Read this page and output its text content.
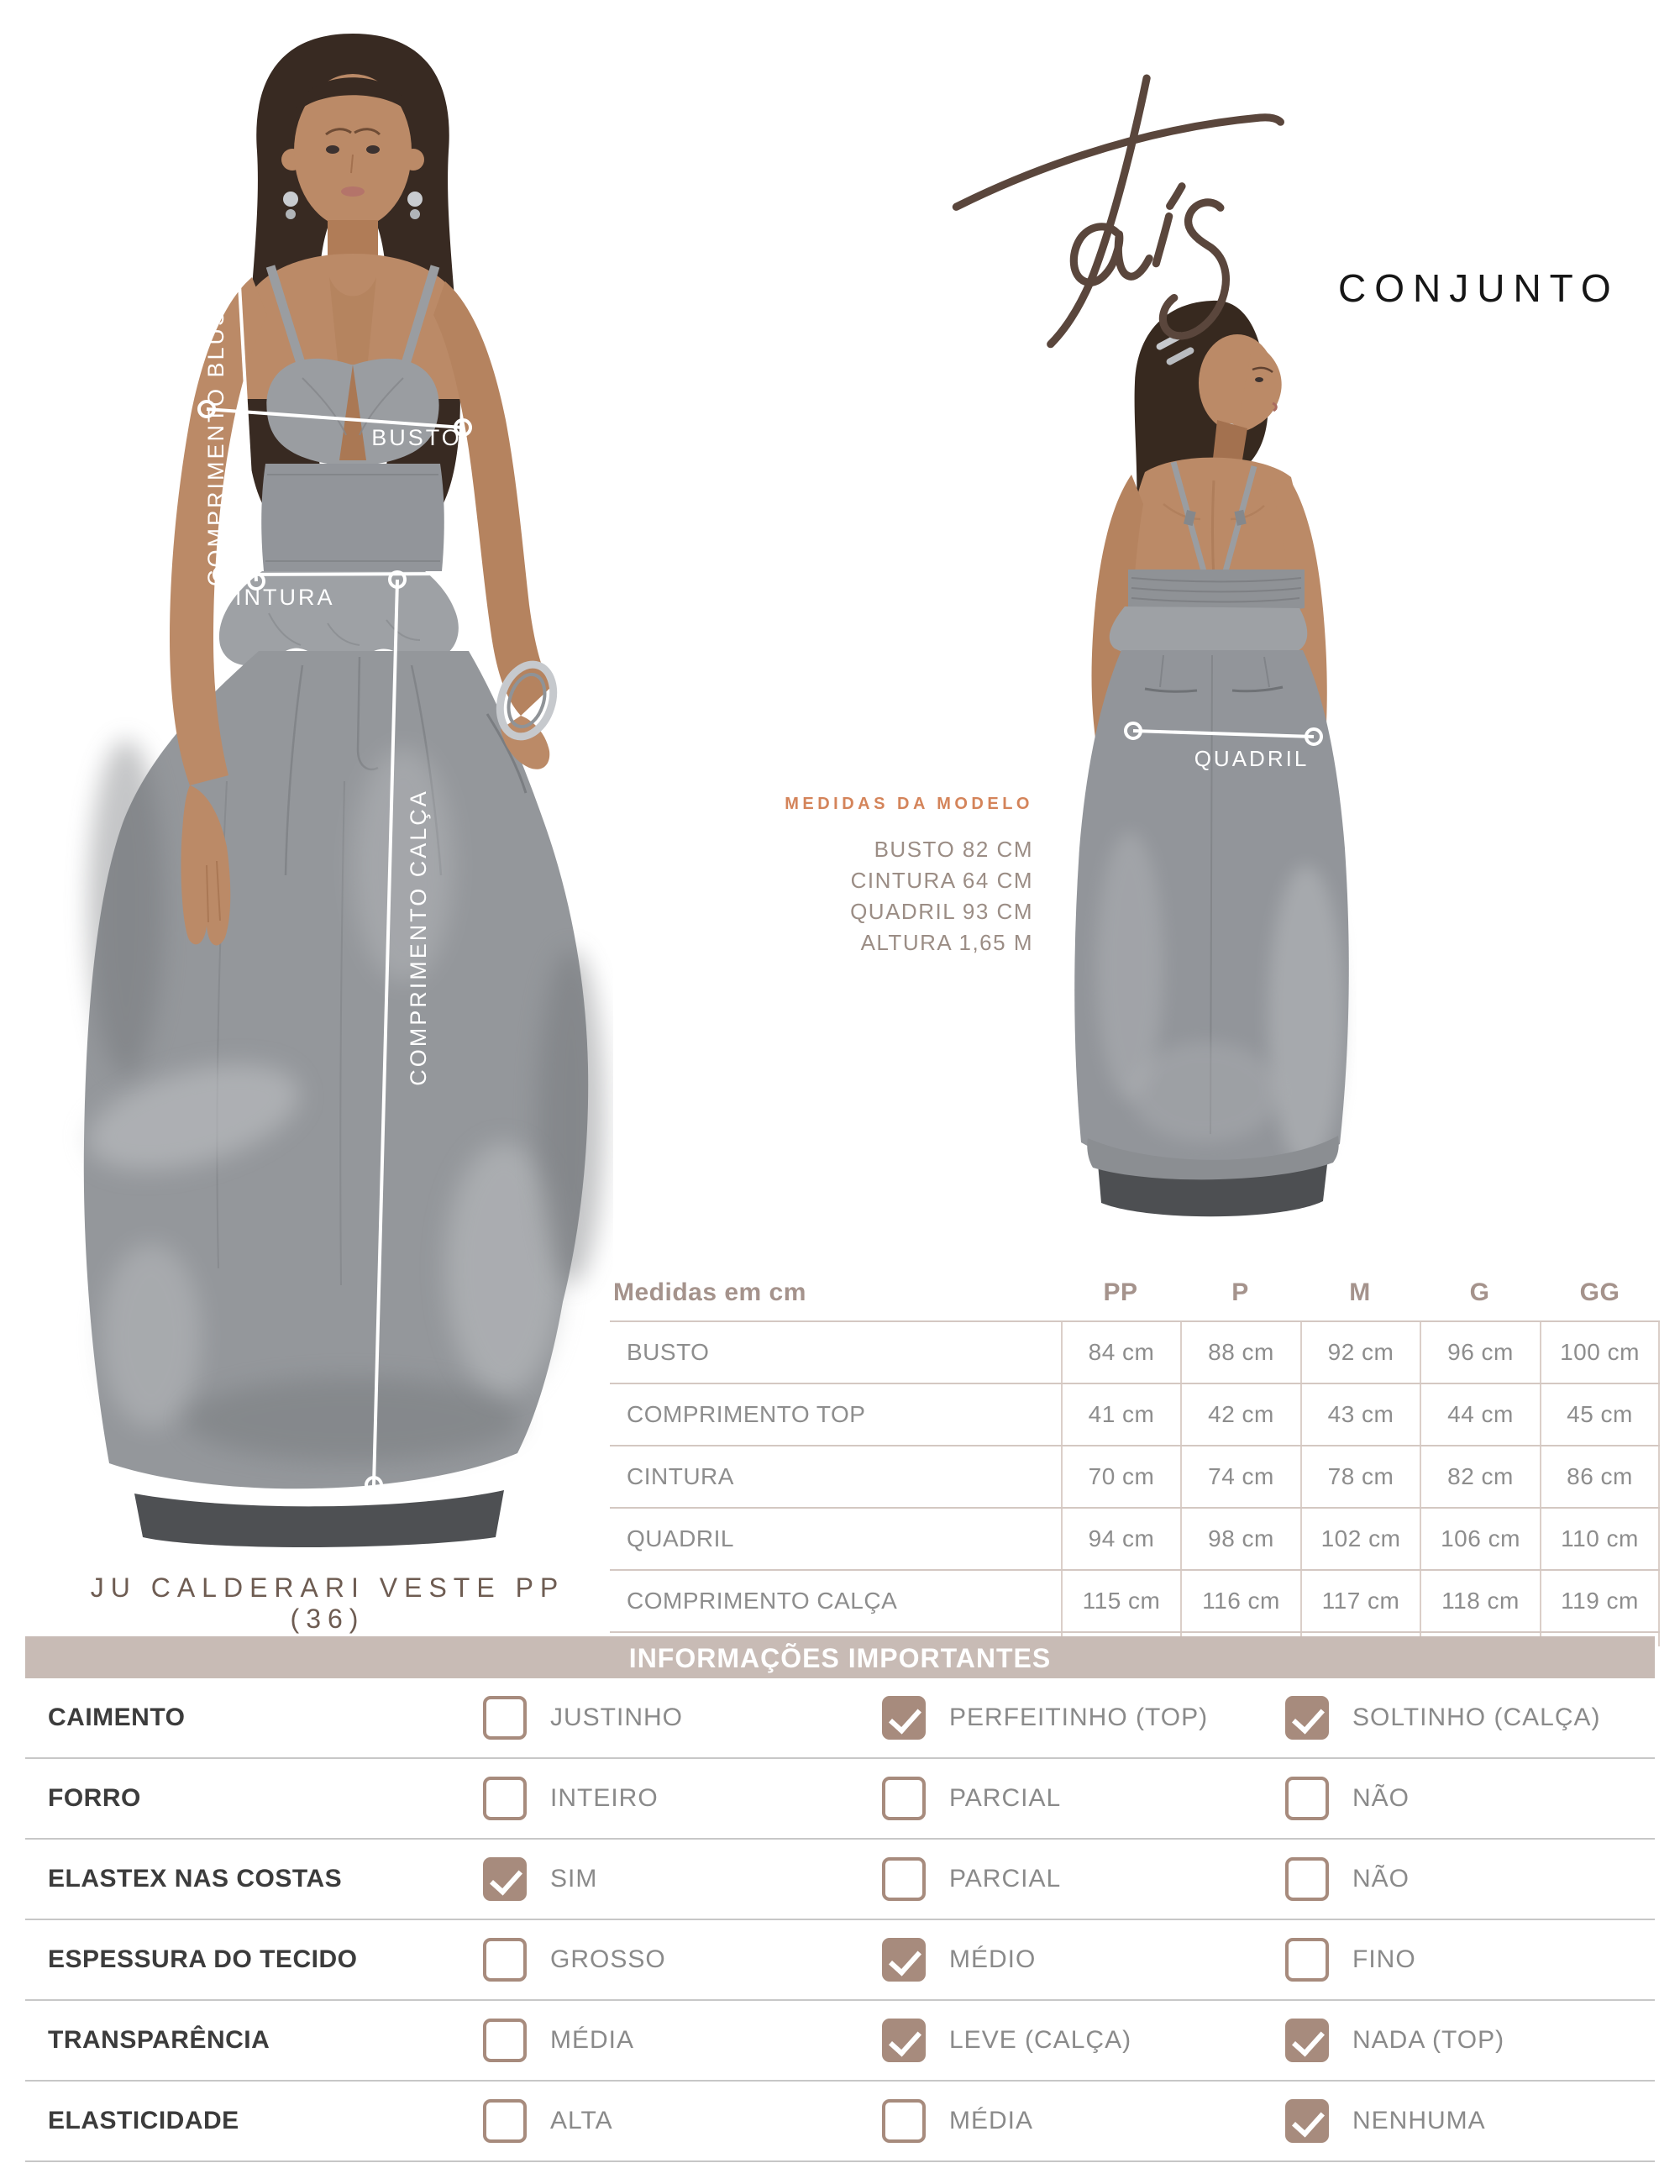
COMPRIMENTO BLUSA	BUSTO
CINTURA
COMPRIMENTO CALÇA
QUADRIL
CONJUNTO
MEDIDAS DA MODELO
BUSTO 82 CM
CINTURA 64 CM
QUADRIL 93 CM
ALTURA 1,65 M
Medidas em cm	PP	P	M	G	GG
BUSTO	84 cm	88 cm	92 cm	96 cm	100 cm
COMPRIMENTO TOP	41 cm	42 cm	43 cm	44 cm	45 cm
CINTURA	70 cm	74 cm	78 cm	82 cm	86 cm
QUADRIL	94 cm	98 cm	102 cm	106 cm	110 cm
COMPRIMENTO CALÇA	115 cm	116 cm	117 cm	118 cm	119 cm
JU CALDERARI VESTE PP (36)
INFORMAÇÕES IMPORTANTES
CAIMENTO	JUSTINHO	PERFEITINHO (TOP)	SOLTINHO (CALÇA)
FORRO	INTEIRO	PARCIAL	NÃO
ELASTEX NAS COSTAS	SIM	PARCIAL	NÃO
ESPESSURA DO TECIDO	GROSSO	MÉDIO	FINO
TRANSPARÊNCIA	MÉDIA	LEVE (CALÇA)	NADA (TOP)
ELASTICIDADE	ALTA	MÉDIA	NENHUMA
